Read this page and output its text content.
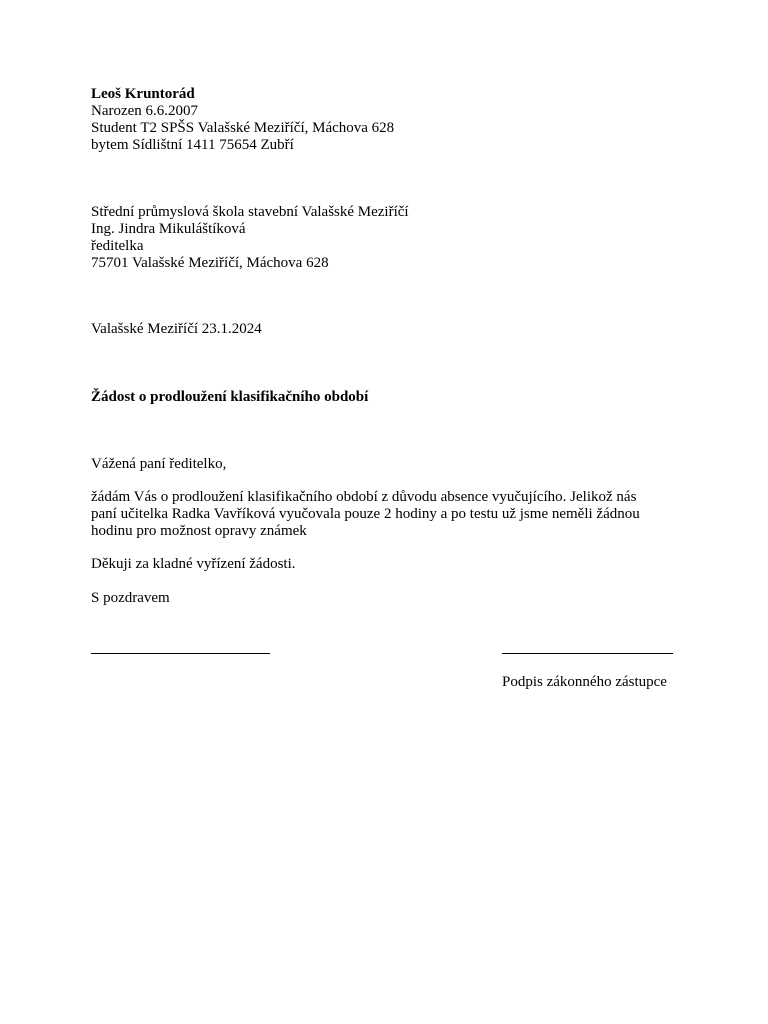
Leoš Kruntorád
Narozen 6.6.2007
Student T2 SPŠS Valašské Meziříčí, Máchova 628
bytem Sídlištní 1411 75654 Zubří
Střední průmyslová škola stavební Valašské Meziříčí
Ing. Jindra Mikuláštíková
ředitelka
75701 Valašské Meziříčí, Máchova 628
Valašské Meziříčí 23.1.2024
Žádost o prodloužení klasifikačního období
Vážená paní ředitelko,
žádám Vás o prodloužení klasifikačního období z důvodu absence vyučujícího. Jelikož nás
paní učitelka Radka Vavříková vyučovala pouze 2 hodiny a po testu už jsme neměli žádnou
hodinu pro možnost opravy známek
Děkuji za kladné vyřízení žádosti.
S pozdravem
Podpis zákonného zástupce
